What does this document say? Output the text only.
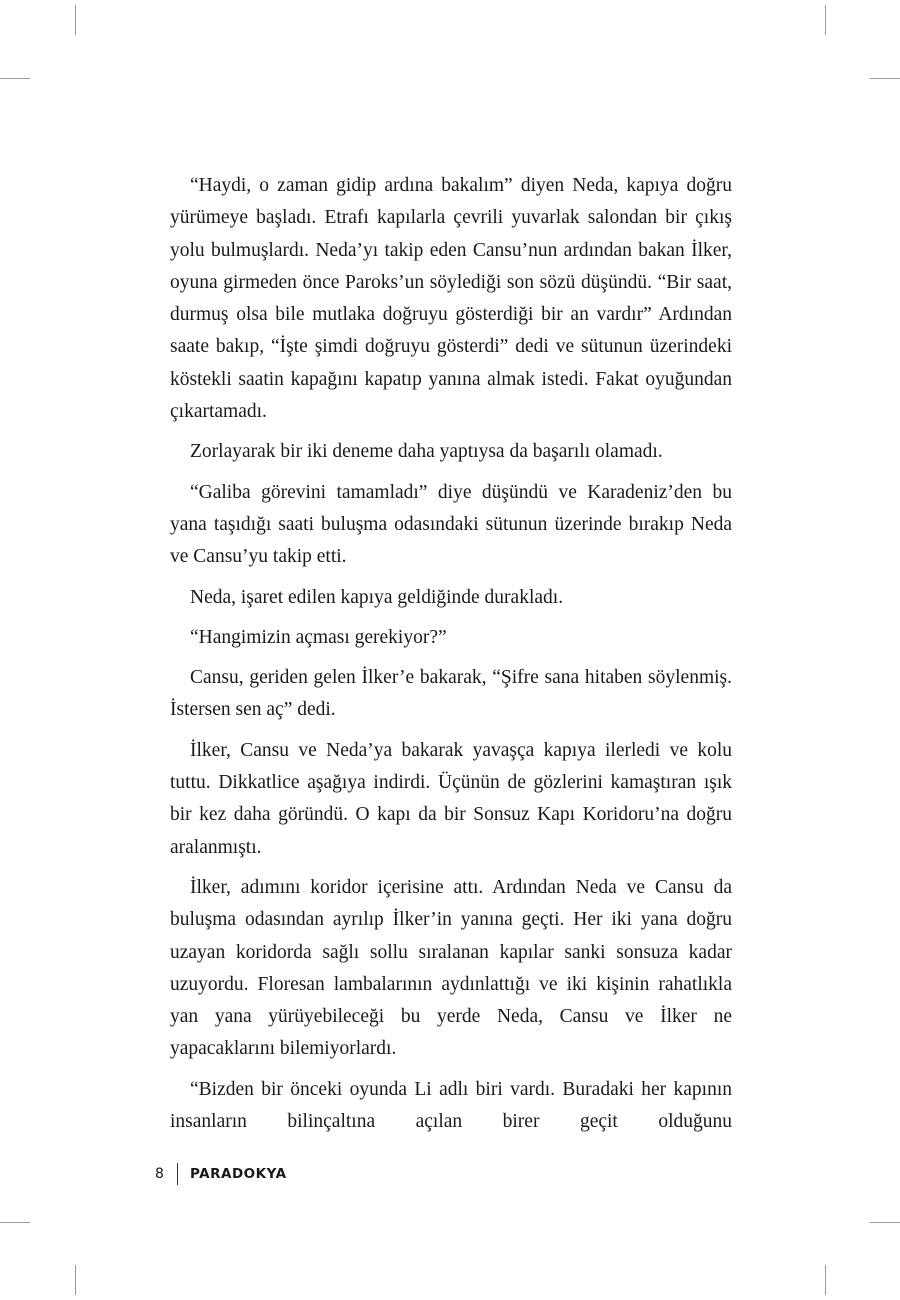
“Haydi, o zaman gidip ardına bakalım” diyen Neda, kapıya doğru yürümeye başladı. Etrafı kapılarla çevrili yuvarlak salondan bir çıkış yolu bulmuşlardı. Neda’yı takip eden Cansu’nun ardından bakan İlker, oyuna girmeden önce Paroks’un söylediği son sözü düşündü. “Bir saat, durmuş olsa bile mutlaka doğruyu gösterdiği bir an vardır” Ardından saate bakıp, “İşte şimdi doğruyu gösterdi” dedi ve sütunun üzerindeki köstekli saatin kapağını kapatıp yanına almak istedi. Fakat oyuğundan çıkartamadı.

Zorlayarak bir iki deneme daha yaptıysa da başarılı olamadı.

“Galiba görevini tamamladı” diye düşündü ve Karadeniz’den bu yana taşıdığı saati buluşma odasındaki sütunun üzerinde bırakıp Neda ve Cansu’yu takip etti.

Neda, işaret edilen kapıya geldiğinde durakladı.

“Hangimizin açması gerekiyor?”

Cansu, geriden gelen İlker’e bakarak, “Şifre sana hitaben söylenmiş. İstersen sen aç” dedi.

İlker, Cansu ve Neda’ya bakarak yavaşça kapıya ilerledi ve kolu tuttu. Dikkatlice aşağıya indirdi. Üçünün de gözlerini kamaştıran ışık bir kez daha göründü. O kapı da bir Sonsuz Kapı Koridoru’na doğru aralanmıştı.

İlker, adımını koridor içerisine attı. Ardından Neda ve Cansu da buluşma odasından ayrılıp İlker’in yanına geçti. Her iki yana doğru uzayan koridorda sağlı sollu sıralanan kapılar sanki sonsuza kadar uzuyordu. Floresan lambalarının aydınlattığı ve iki kişinin rahatlıkla yan yana yürüyebileceği bu yerde Neda, Cansu ve İlker ne yapacaklarını bilemiyorlardı.

“Bizden bir önceki oyunda Li adlı biri vardı. Buradaki her kapının insanların bilinçaltına açılan birer geçit olduğunu

8	PARADOKYA
